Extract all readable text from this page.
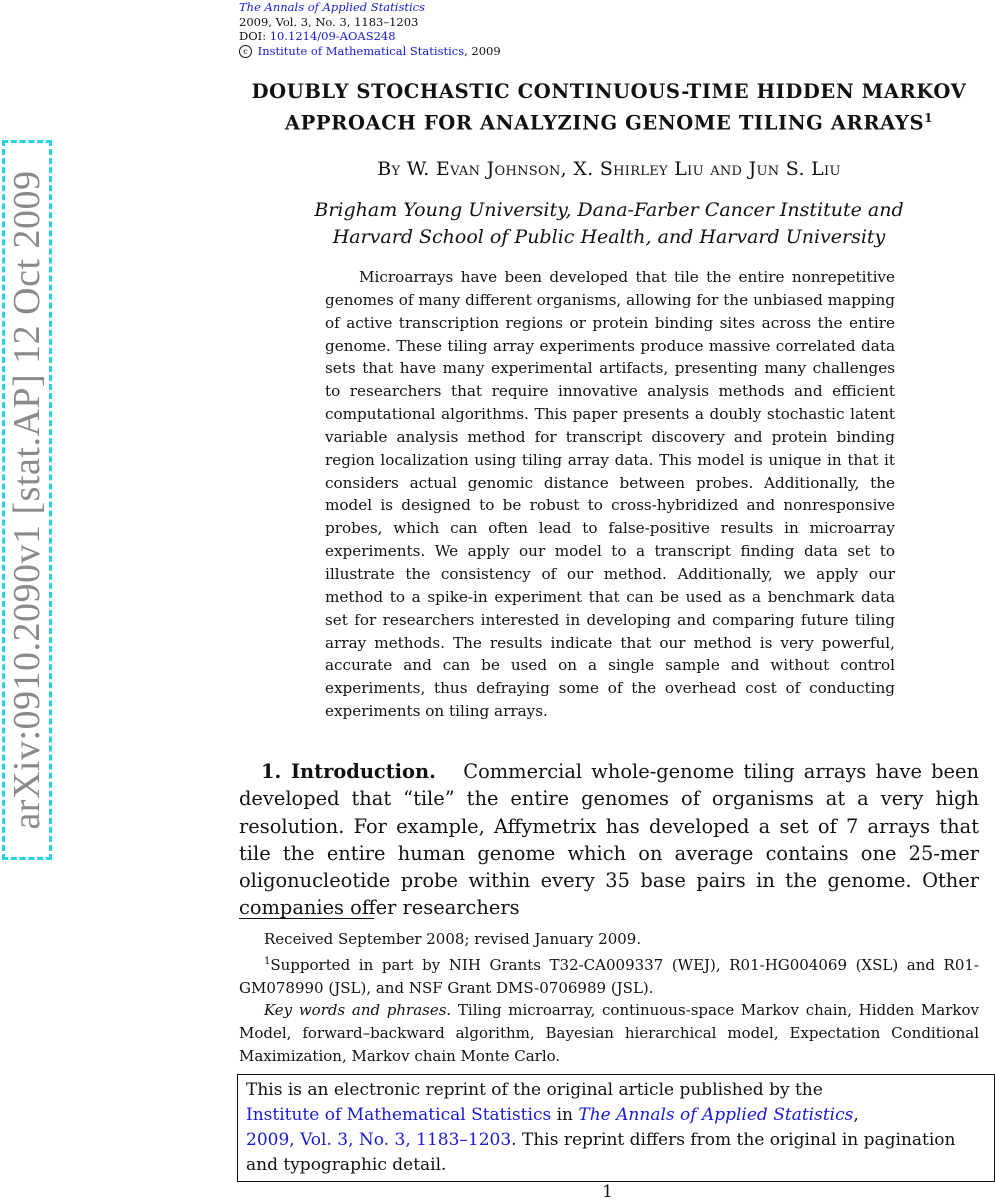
The Annals of Applied Statistics
2009, Vol. 3, No. 3, 1183–1203
DOI: 10.1214/09-AOAS248
c Institute of Mathematical Statistics, 2009
arXiv:0910.2090v1 [stat.AP] 12 Oct 2009
DOUBLY STOCHASTIC CONTINUOUS-TIME HIDDEN MARKOV
APPROACH FOR ANALYZING GENOME TILING ARRAYS$^1$
By W. Evan Johnson, X. Shirley Liu and Jun S. Liu
Brigham Young University, Dana-Farber Cancer Institute and
Harvard School of Public Health, and Harvard University
Microarrays have been developed that tile the entire nonrepetitive genomes of many different organisms, allowing for the unbiased mapping of active transcription regions or protein binding sites across the entire genome. These tiling array experiments produce massive correlated data sets that have many experimental artifacts, presenting many challenges to researchers that require innovative analysis methods and efficient computational algorithms. This paper presents a doubly stochastic latent variable analysis method for transcript discovery and protein binding region localization using tiling array data. This model is unique in that it considers actual genomic distance between probes. Additionally, the model is designed to be robust to cross-hybridized and nonresponsive probes, which can often lead to false-positive results in microarray experiments. We apply our model to a transcript finding data set to illustrate the consistency of our method. Additionally, we apply our method to a spike-in experiment that can be used as a benchmark data set for researchers interested in developing and comparing future tiling array methods. The results indicate that our method is very powerful, accurate and can be used on a single sample and without control experiments, thus defraying some of the overhead cost of conducting experiments on tiling arrays.
1. Introduction. Commercial whole-genome tiling arrays have been developed that “tile” the entire genomes of organisms at a very high resolution. For example, Affymetrix has developed a set of 7 arrays that tile the entire human genome which on average contains one 25-mer oligonucleotide probe within every 35 base pairs in the genome. Other companies offer researchers

Received September 2008; revised January 2009.

$^1$Supported in part by NIH Grants T32-CA009337 (WEJ), R01-HG004069 (XSL) and R01-GM078990 (JSL), and NSF Grant DMS-0706989 (JSL).

Key words and phrases. Tiling microarray, continuous-space Markov chain, Hidden Markov Model, forward–backward algorithm, Bayesian hierarchical model, Expectation Conditional Maximization, Markov chain Monte Carlo.

This is an electronic reprint of the original article published by the
Institute of Mathematical Statistics in The Annals of Applied Statistics,
2009, Vol. 3, No. 3, 1183–1203. This reprint differs from the original in pagination and typographic detail.
1
